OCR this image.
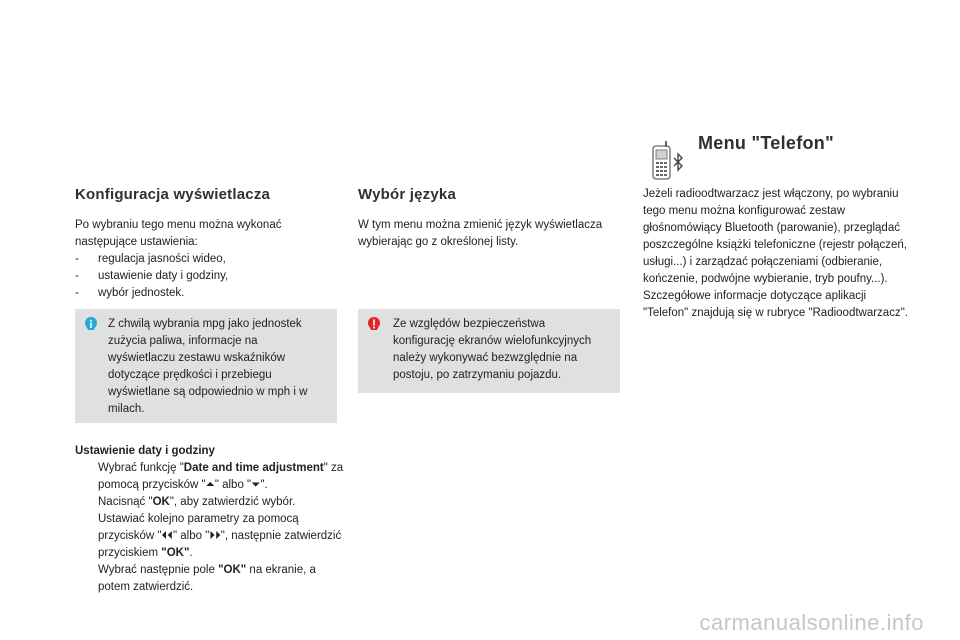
Konfiguracja wyświetlacza

Po wybraniu tego menu można wykonać następujące ustawienia:

- regulacja jasności wideo,
- ustawienie daty i godziny,
- wybór jednostek.

Z chwilą wybrania mpg jako jednostek zużycia paliwa, informacje na wyświetlaczu zestawu wskaźników dotyczące prędkości i przebiegu wyświetlane są odpowiednio w mph i w milach.

Ustawienie daty i godziny
Wybrać funkcję "Date and time adjustment" za pomocą przycisków "⏶" albo "⏷".
Nacisnąć "OK", aby zatwierdzić wybór.
Ustawiać kolejno parametry za pomocą przycisków "⏴⏴" albo "⏵⏵", następnie zatwierdzić przyciskiem "OK".
Wybrać następnie pole "OK" na ekranie, a potem zatwierdzić.
Wybór języka

W tym menu można zmienić język wyświetlacza wybierając go z określonej listy.

Ze względów bezpieczeństwa konfigurację ekranów wielofunkcyjnych należy wykonywać bezwzględnie na postoju, po zatrzymaniu pojazdu.

Menu "Telefon"

Jeżeli radioodtwarzacz jest włączony, po wybraniu tego menu można konfigurować zestaw głośnomówiący Bluetooth (parowanie), przeglądać poszczególne książki telefoniczne (rejestr połączeń, usługi...) i zarządzać połączeniami (odbieranie, kończenie, podwójne wybieranie, tryb poufny...).

Szczegółowe informacje dotyczące aplikacji "Telefon" znajdują się w rubryce "Radioodtwarzacz".

carmanualsonline.info
